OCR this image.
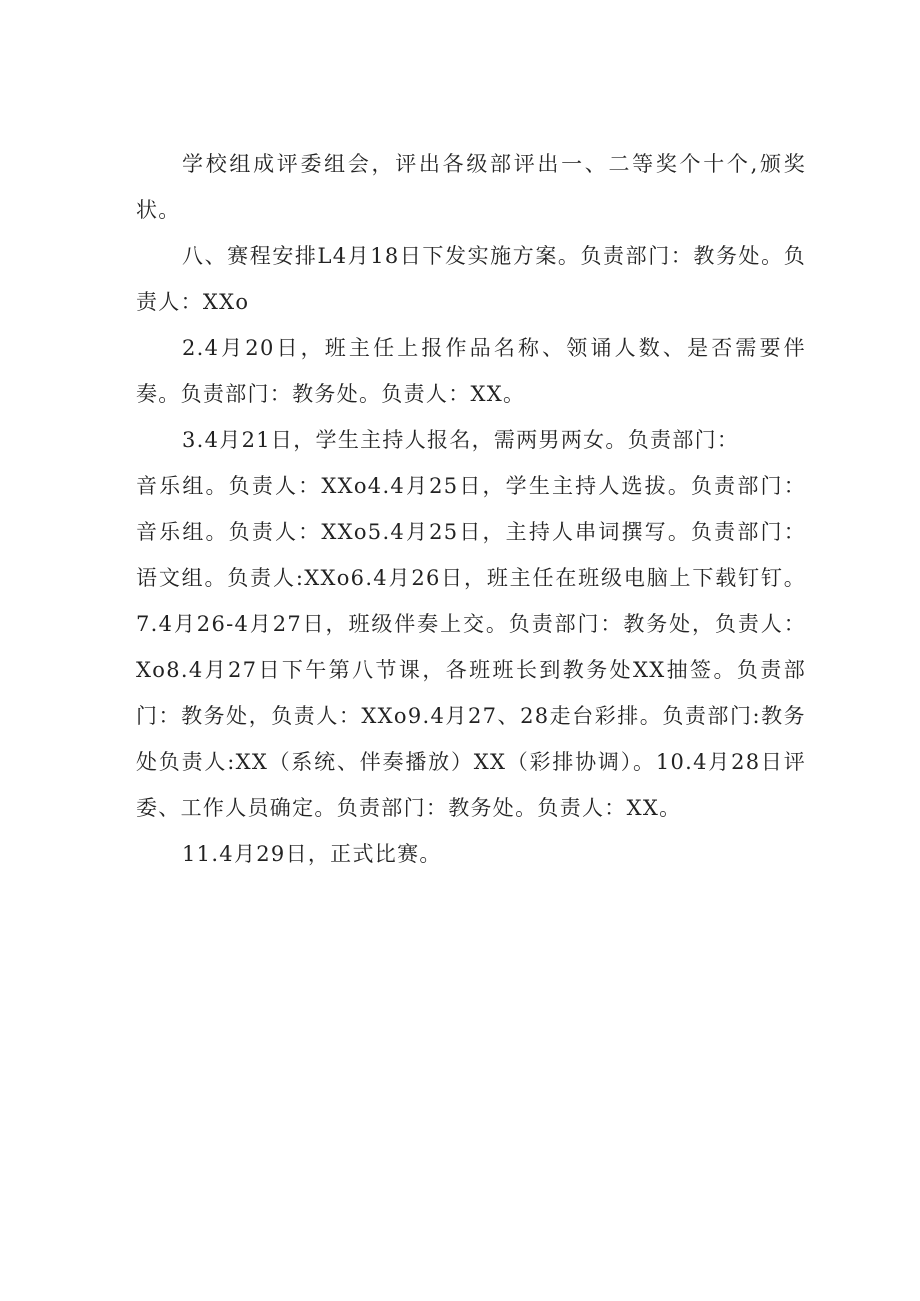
学校组成评委组会，评出各级部评出一、二等奖个十个,颁奖状。

八、赛程安排L4月18日下发实施方案。负责部门：教务处。负责人：XXo

2.4月20日，班主任上报作品名称、领诵人数、是否需要伴奏。负责部门：教务处。负责人：XX。

3.4月21日，学生主持人报名，需两男两女。负责部门：

音乐组。负责人：XXo4.4月25日，学生主持人选拔。负责部门：音乐组。负责人：XXo5.4月25日，主持人串词撰写。负责部门：语文组。负责人:XXo6.4月26日，班主任在班级电脑上下载钉钉。7.4月26-4月27日，班级伴奏上交。负责部门：教务处，负责人：Xo8.4月27日下午第八节课，各班班长到教务处XX抽签。负责部门：教务处，负责人：XXo9.4月27、28走台彩排。负责部门:教务处负责人:XX（系统、伴奏播放）XX（彩排协调）。10.4月28日评委、工作人员确定。负责部门：教务处。负责人：XX。

11.4月29日，正式比赛。
